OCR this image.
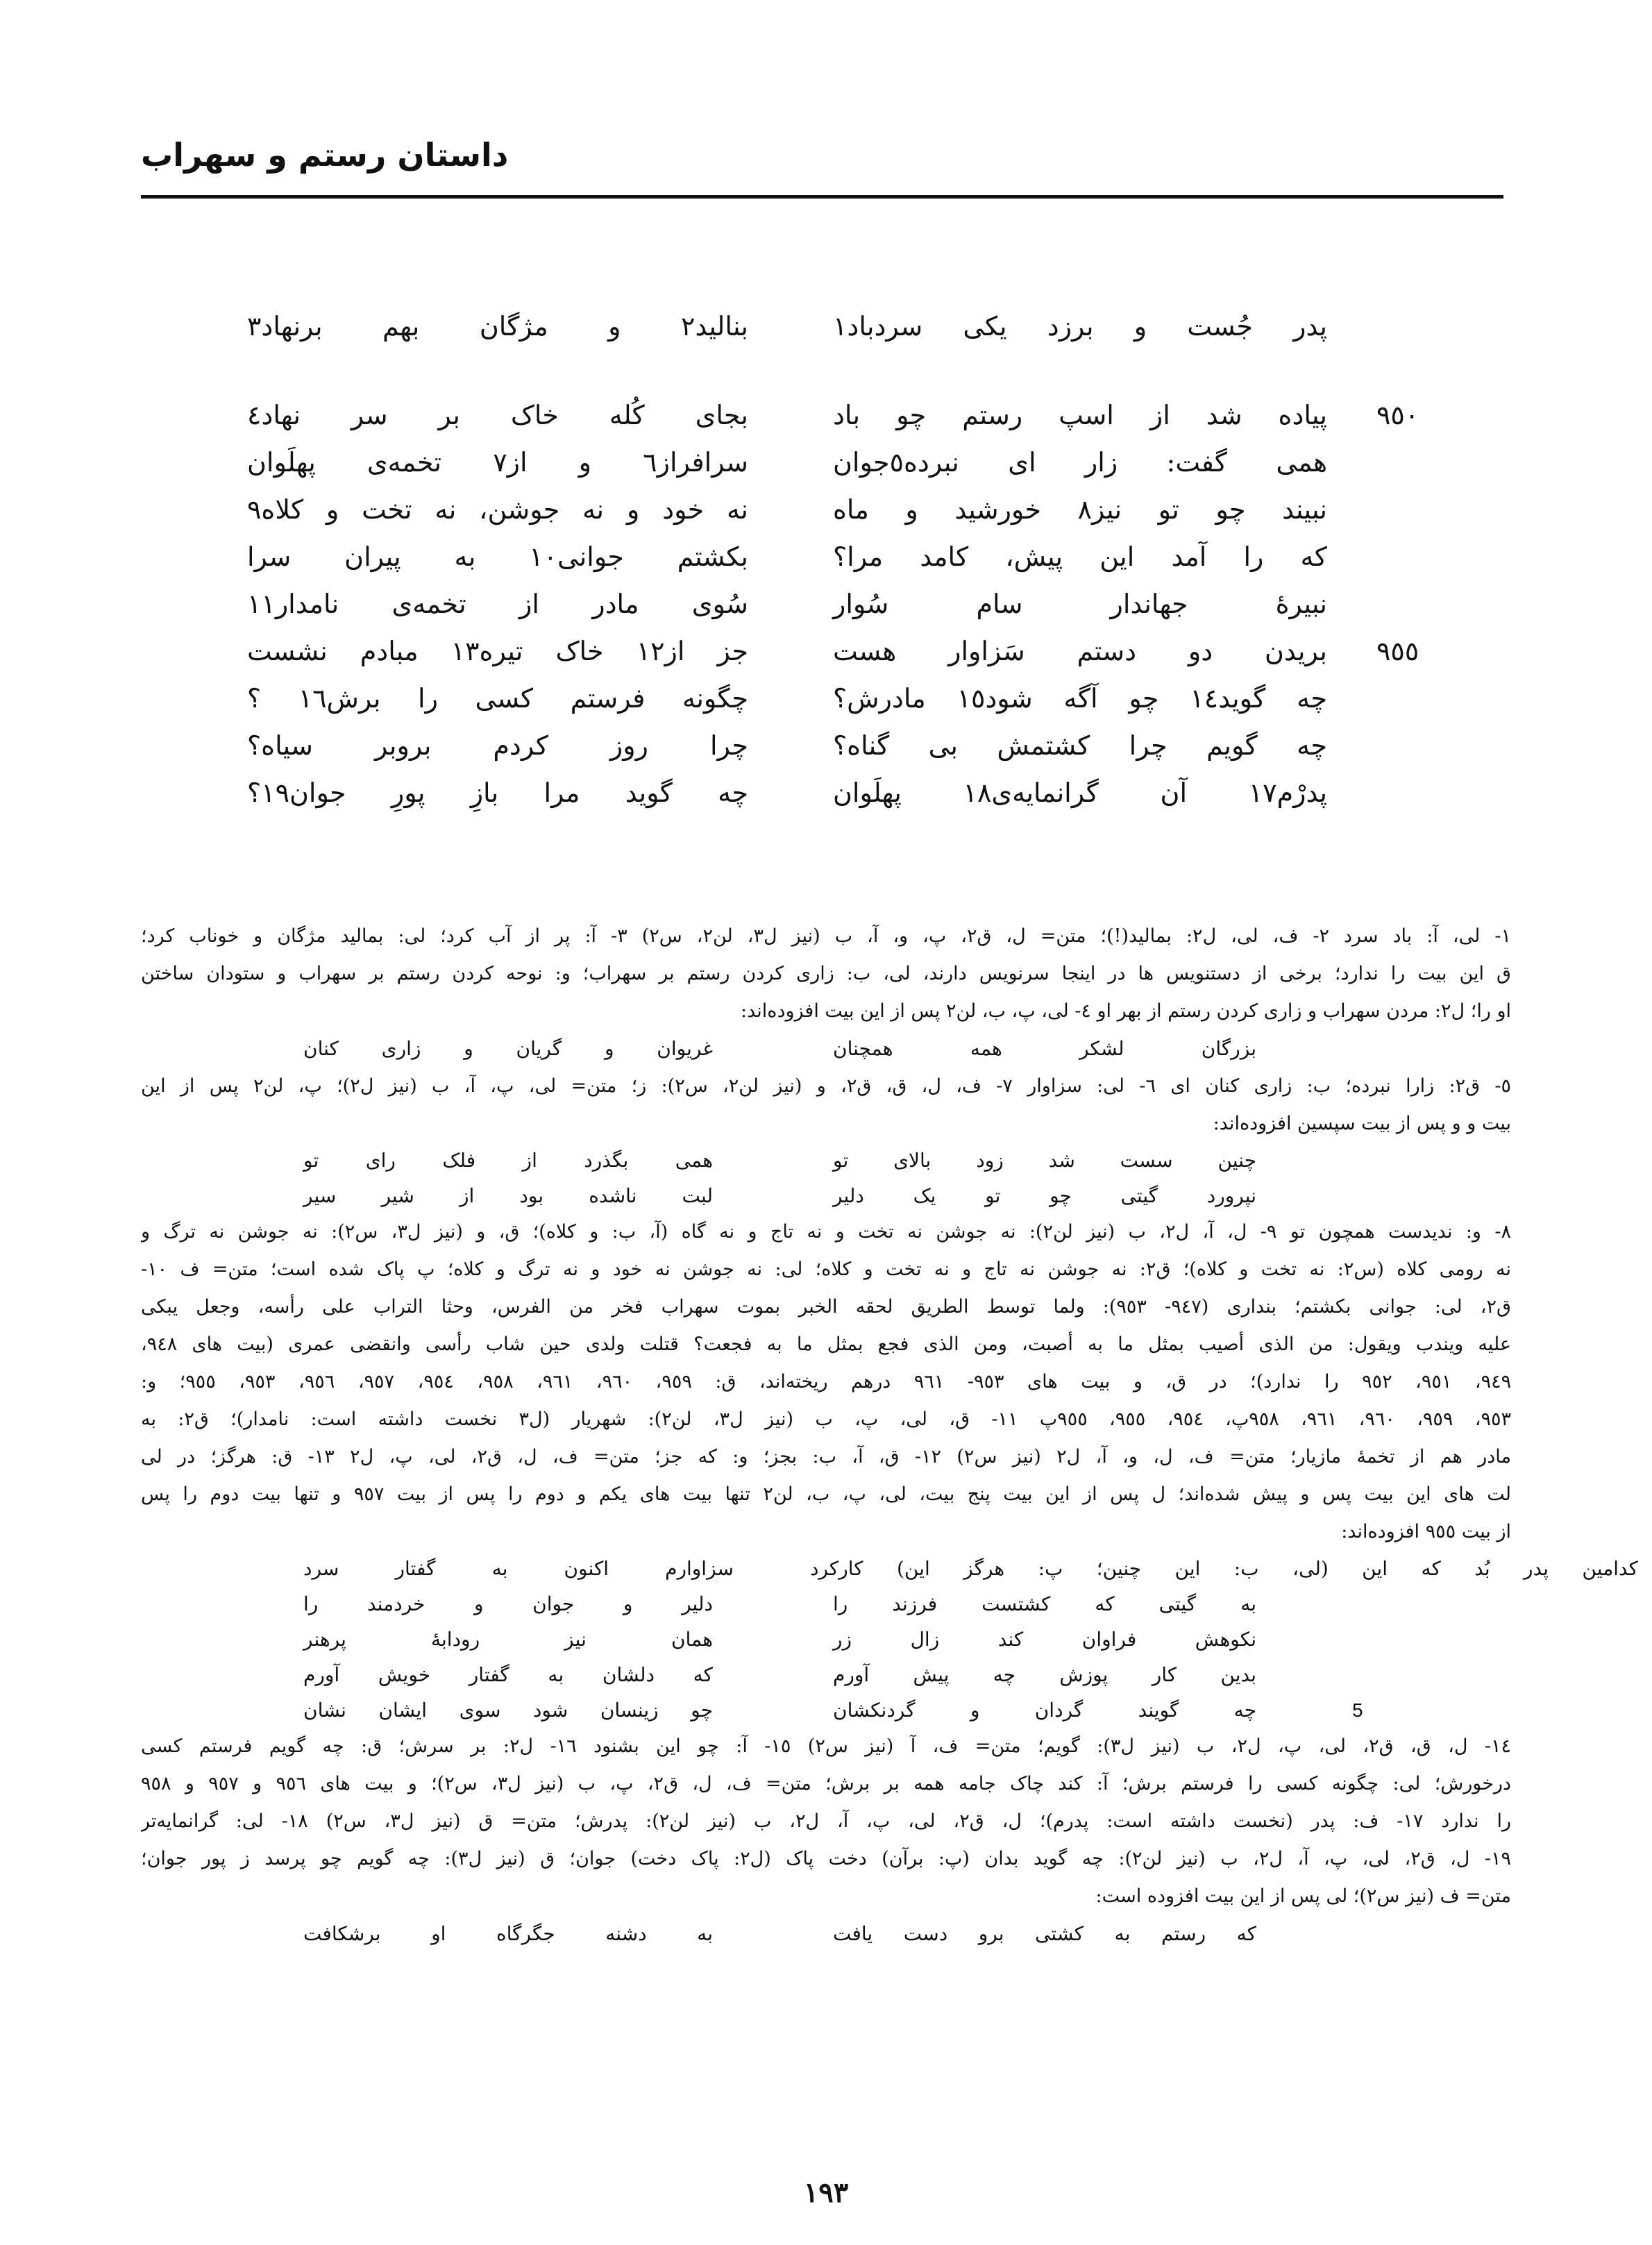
داستان رستم و سهراب
پدر جُست و برزد یکی سردباد١
بنالید٢ و مژگان بهم برنهاد٣
٩٥٠
پیاده شد از اسپ رستم چو باد
بجای کُله خاک بر سر نهاد٤
همی گفت: زار ای نبرده٥جوان
سرافراز٦ و از٧ تخمه‌ی پهلَوان
نبیند چو تو نیز٨ خورشید و ماه
نه خود و نه جوشن، نه تخت و کلاه٩
که را آمد این پیش، کامد مرا؟
بکشتم جوانی١٠ به پیران سرا
نبیرهٔ جهاندار سام سُوار
سُوی مادر از تخمه‌ی نامدار١١
٩٥٥
بریدن دو دستم سَزاوار هست
جز از١٢ خاک تیره١٣ مبادم نشست
چه گوید١٤ چو آگه شود١٥ مادرش؟
چگونه فرستم کسی را برش١٦ ؟
چه گویم چرا کشتمش بی گناه؟
چرا روز کردم بروبر سیاه؟
پدرْم١٧ آن گرانمایه‌ی١٨ پهلَوان
چه گوید مرا بازِ پورِ جوان١٩؟
١- لی، آ: باد سرد ٢- ف، لی، ل٢: بمالید(!)؛ متن= ل، ق٢، پ، و، آ، ب (نیز ل٣، لن٢، س٢) ٣- آ: پر از آب کرد؛ لی: بمالید مژگان و خوناب کرد؛
ق این بیت را ندارد؛ برخی از دستنویس ها در اینجا سرنویس دارند، لی، ب: زاری کردن رستم بر سهراب؛ و: نوحه کردن رستم بر سهراب و ستودان ساختن
او را؛ ل٢: مردن سهراب و زاری کردن رستم از بهر او ٤- لی، پ، ب، لن٢ پس از این بیت افزوده‌اند:
بزرگان لشکر همه همچنان
غریوان و گریان و زاری کنان
٥- ق٢: زارا نبرده؛ ب: زاری کنان ای ٦- لی: سزاوار ٧- ف، ل، ق، ق٢، و (نیز لن٢، س٢): ز؛ متن= لی، پ، آ، ب (نیز ل٢)؛ پ، لن٢ پس از این
بیت و و پس از بیت سپسین افزوده‌اند:
چنین سست شد زود بالای تو
همی بگذرد از فلک رای تو
نپرورد گیتی چو تو یک دلیر
لبت ناشده بود از شیر سیر
٨- و: ندیدست همچون تو ٩- ل، آ، ل٢، ب (نیز لن٢): نه جوشن نه تخت و نه تاج و نه گاه (آ، ب: و کلاه)؛ ق، و (نیز ل٣، س٢): نه جوشن نه ترگ و
نه رومی کلاه (س٢: نه تخت و کلاه)؛ ق٢: نه جوشن نه تاج و نه تخت و کلاه؛ لی: نه جوشن نه خود و نه ترگ و کلاه؛ پ پاک شده است؛ متن= ف ١٠-
ق٢، لی: جوانی بکشتم؛ بنداری (٩٤٧- ٩٥٣): ولما توسط الطریق لحقه الخبر بموت سهراب فخر من الفرس، وحثا التراب علی رأسه، وجعل یبکی
علیه ویندب ویقول: من الذی أصیب بمثل ما به أصبت، ومن الذی فجع بمثل ما به فجعت؟ قتلت ولدی حین شاب رأسی وانقضی عمری (بیت های ٩٤٨،
٩٤٩، ٩٥١، ٩٥٢ را ندارد)؛ در ق، و بیت های ٩٥٣- ٩٦١ درهم ریخته‌اند، ق: ٩٥٩، ٩٦٠، ٩٦١، ٩٥٨، ٩٥٤، ٩٥٧، ٩٥٦، ٩٥٣، ٩٥٥؛ و:
٩٥٣، ٩٥٩، ٩٦٠، ٩٦١، ٩٥٨پ، ٩٥٤، ٩٥٥، ٩٥٥پ ١١- ق، لی، پ، ب (نیز ل٣، لن٢): شهریار (ل٣ نخست داشته است: نامدار)؛ ق٢: به
مادر هم از تخمهٔ مازیار؛ متن= ف، ل، و، آ، ل٢ (نیز س٢) ١٢- ق، آ، ب: بجز؛ و: که جز؛ متن= ف، ل، ق٢، لی، پ، ل٢ ١٣- ق: هرگز؛ در لی
لت های این بیت پس و پیش شده‌اند؛ ل پس از این بیت پنج بیت، لی، پ، ب، لن٢ تنها بیت های یکم و دوم را پس از بیت ٩٥٧ و تنها بیت دوم را پس
از بیت ٩٥٥ افزوده‌اند:
کدامین پدر بُد که این (لی، ب: این چنین؛ پ: هرگز این) کارکرد
سزاوارم اکنون به گفتار سرد
به گیتی که کشتست فرزند را
دلیر و جوان و خردمند را
نکوهش فراوان کند زال زر
همان نیز رودابهٔ پرهنر
بدین کار پوزش چه پیش آورم
که دلشان به گفتار خویش آورم
5
چه گویند گردان و گردنکشان
چو زینسان شود سوی ایشان نشان
١٤- ل، ق، ق٢، لی، پ، ل٢، ب (نیز ل٣): گویم؛ متن= ف، آ (نیز س٢) ١٥- آ: چو این بشنود ١٦- ل٢: بر سرش؛ ق: چه گویم فرستم کسی
درخورش؛ لی: چگونه کسی را فرستم برش؛ آ: کند چاک جامه همه بر برش؛ متن= ف، ل، ق٢، پ، ب (نیز ل٣، س٢)؛ و بیت های ٩٥٦ و ٩٥٧ و ٩٥٨
را ندارد ١٧- ف: پدر (نخست داشته است: پدرم)؛ ل، ق٢، لی، پ، آ، ل٢، ب (نیز لن٢): پدرش؛ متن= ق (نیز ل٣، س٢) ١٨- لی: گرانمایه‌تر
١٩- ل، ق٢، لی، پ، آ، ل٢، ب (نیز لن٢): چه گوید بدان (پ: برآن) دخت پاک (ل٢: پاک دخت) جوان؛ ق (نیز ل٣): چه گویم چو پرسد ز پور جوان؛
متن= ف (نیز س٢)؛ لی پس از این بیت افزوده است:
که رستم به کشتی برو دست یافت
به دشنه جگرگاه او برشکافت
١٩٣
